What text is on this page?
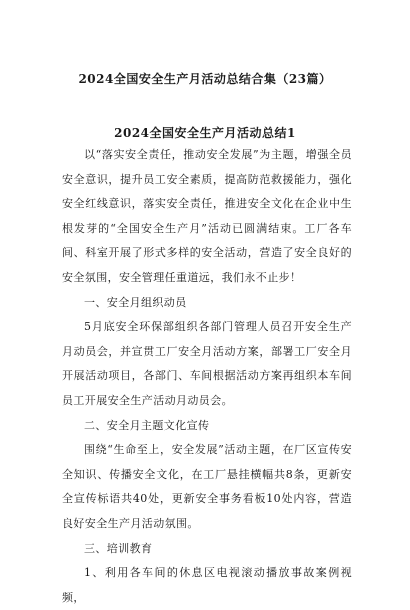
2024全国安全生产月活动总结合集（23篇）
2024全国安全生产月活动总结1

以“落实安全责任，推动安全发展”为主题，增强全员安全意识，提升员工安全素质，提高防范救援能力，强化安全红线意识，落实安全责任，推进安全文化在企业中生根发芽的“全国安全生产月”活动已圆满结束。工厂各车间、科室开展了形式多样的安全活动，营造了安全良好的安全氛围，安全管理任重道远，我们永不止步！

一、安全月组织动员

5月底安全环保部组织各部门管理人员召开安全生产月动员会，并宣贯工厂安全月活动方案，部署工厂安全月开展活动项目，各部门、车间根据活动方案再组织本车间员工开展安全生产活动月动员会。

二、安全月主题文化宣传

围绕“生命至上，安全发展”活动主题，在厂区宣传安全知识、传播安全文化，在工厂悬挂横幅共8条，更新安全宣传标语共40处，更新安全事务看板10处内容，营造良好安全生产月活动氛围。

三、培训教育

1、利用各车间的休息区电视滚动播放事故案例视频，
